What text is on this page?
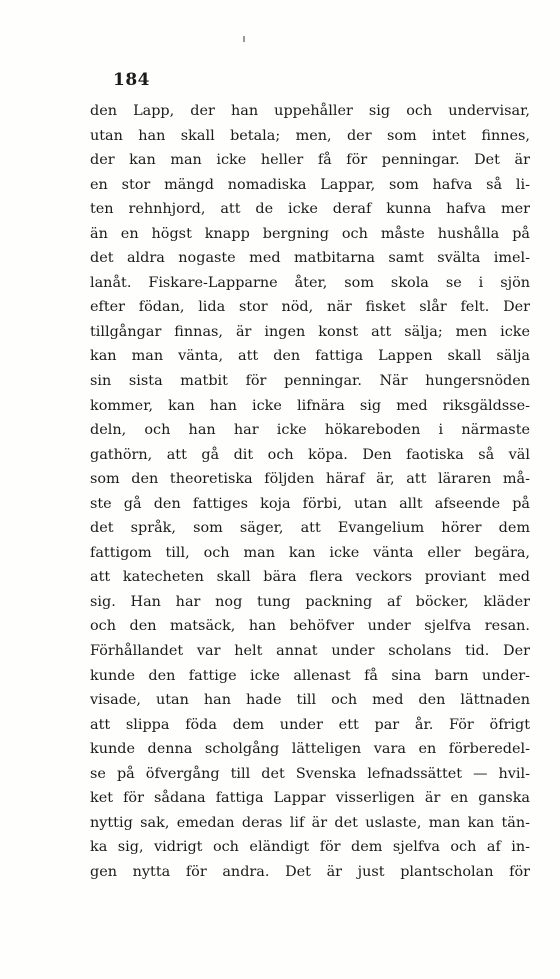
184
den Lapp, der han uppehåller sig och undervisar,
utan han skall betala; men, der som intet finnes,
der kan man icke heller få för penningar. Det är
en stor mängd nomadiska Lappar, som hafva så li-
ten rehnhjord, att de icke deraf kunna hafva mer
än en högst knapp bergning och måste hushålla på
det aldra nogaste med matbitarna samt svälta imel-
lanåt. Fiskare-Lapparne åter, som skola se i sjön
efter födan, lida stor nöd, när fisket slår felt. Der
tillgångar finnas, är ingen konst att sälja; men icke
kan man vänta, att den fattiga Lappen skall sälja
sin sista matbit för penningar. När hungersnöden
kommer, kan han icke lifnära sig med riksgäldsse-
deln, och han har icke hökareboden i närmaste
gathörn, att gå dit och köpa. Den faotiska så väl
som den theoretiska följden häraf är, att läraren må-
ste gå den fattiges koja förbi, utan allt afseende på
det språk, som säger, att Evangelium hörer dem
fattigom till, och man kan icke vänta eller begära,
att katecheten skall bära flera veckors proviant med
sig. Han har nog tung packning af böcker, kläder
och den matsäck, han behöfver under sjelfva resan.
Förhållandet var helt annat under scholans tid. Der
kunde den fattige icke allenast få sina barn under-
visade, utan han hade till och med den lättnaden
att slippa föda dem under ett par år. För öfrigt
kunde denna scholgång lätteligen vara en förberedel-
se på öfvergång till det Svenska lefnadssättet — hvil-
ket för sådana fattiga Lappar visserligen är en ganska
nyttig sak, emedan deras lif är det uslaste, man kan tän-
ka sig, vidrigt och eländigt för dem sjelfva och af in-
gen nytta för andra. Det är just plantscholan för
